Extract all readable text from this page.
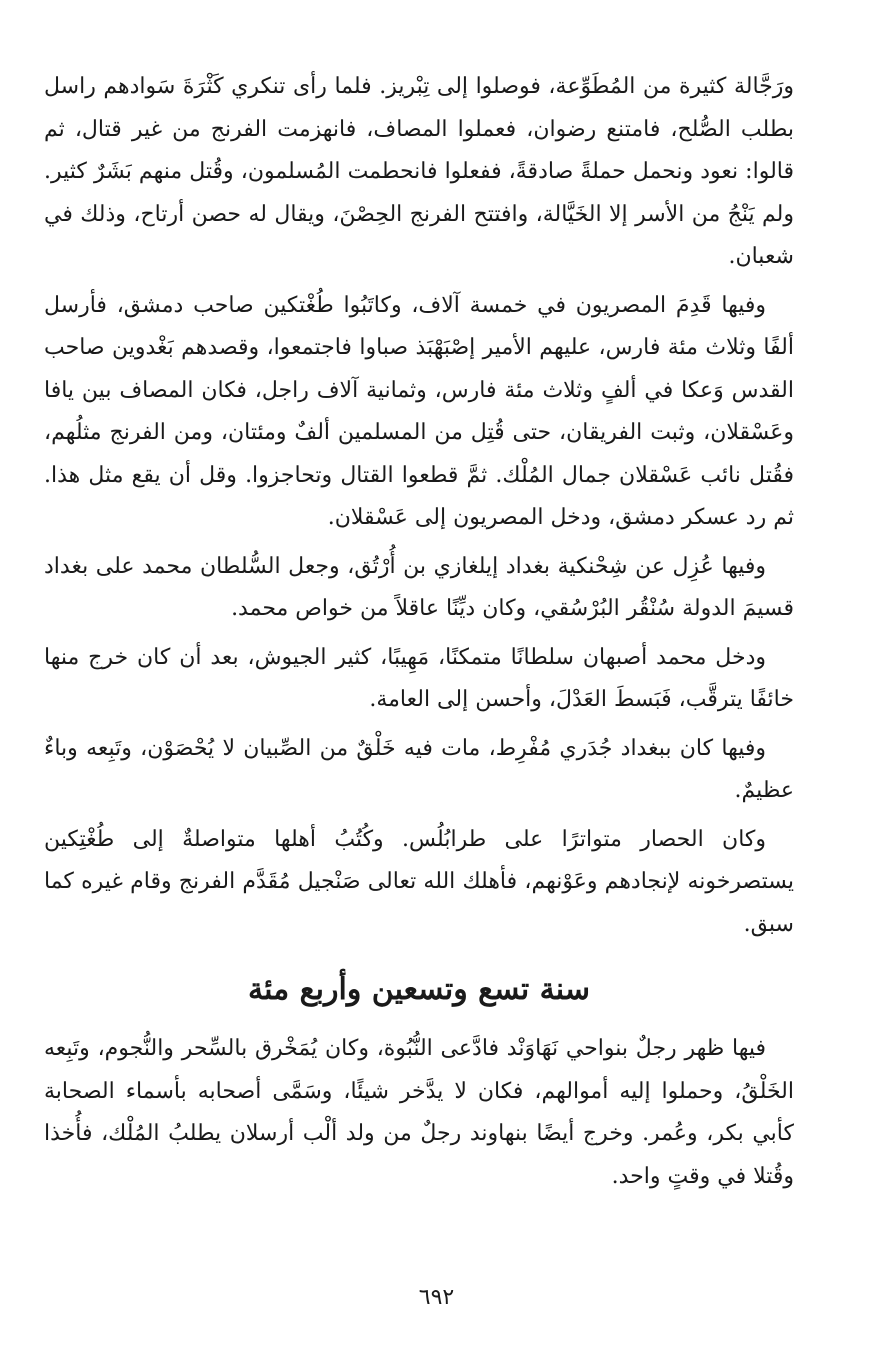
ورَجَّالة كثيرة من المُطَوِّعة، فوصلوا إلى تِبْريز. فلما رأى تنكري كَثْرَةَ سَوادهم راسل بطلب الصُّلح، فامتنع رضوان، فعملوا المصاف، فانهزمت الفرنج من غير قتال، ثم قالوا: نعود ونحمل حملةً صادقةً، ففعلوا فانحطمت المُسلمون، وقُتل منهم بَشَرٌ كثير. ولم يَنْجُ من الأسر إلا الخَيَّالة، وافتتح الفرنج الحِصْنَ، ويقال له حصن أرتاح، وذلك في شعبان.

وفيها قَدِمَ المصريون في خمسة آلاف، وكاتَبُوا طُغْتكين صاحب دمشق، فأرسل ألفًا وثلاث مئة فارس، عليهم الأمير إصْبَهْبَذ صباوا فاجتمعوا، وقصدهم بَغْدوين صاحب القدس وَعكا في ألفٍ وثلاث مئة فارس، وثمانية آلاف راجل، فكان المصاف بين يافا وعَسْقلان، وثبت الفريقان، حتى قُتِل من المسلمين ألفٌ ومئتان، ومن الفرنج مثلُهم، فقُتل نائب عَسْقلان جمال المُلْك. ثمَّ قطعوا القتال وتحاجزوا. وقل أن يقع مثل هذا. ثم رد عسكر دمشق، ودخل المصريون إلى عَسْقلان.

وفيها عُزِل عن شِحْنكية بغداد إيلغازي بن أُرْتُق، وجعل السُّلطان محمد على بغداد قسيمَ الدولة سُنْقُر البُرْسُقي، وكان ديِّنًا عاقلاً من خواص محمد.

ودخل محمد أصبهان سلطانًا متمكنًا، مَهِيبًا، كثير الجيوش، بعد أن كان خرج منها خائفًا يترقَّب، فَبَسطَ العَدْلَ، وأحسن إلى العامة.

وفيها كان ببغداد جُدَري مُفْرِط، مات فيه خَلْقٌ من الصِّبيان لا يُحْصَوْن، وتَبِعه وباءٌ عظيمٌ.

وكان الحصار متواترًا على طرابُلُس. وكُتُبُ أهلها متواصلةٌ إلى طُغْتِكين يستصرخونه لإنجادهم وعَوْنهم، فأهلك الله تعالى صَنْجيل مُقَدَّم الفرنج وقام غيره كما سبق.

سنة تسع وتسعين وأربع مئة

فيها ظهر رجلٌ بنواحي نَهَاوَنْد فادَّعى النُّبُوة، وكان يُمَخْرق بالسِّحر والنُّجوم، وتَبِعه الخَلْقُ، وحملوا إليه أموالهم، فكان لا يدَّخر شيئًا، وسَمَّى أصحابه بأسماء الصحابة كأبي بكر، وعُمر. وخرج أيضًا بنهاوند رجلٌ من ولد ألْب أرسلان يطلبُ المُلْك، فأُخذا وقُتلا في وقتٍ واحد.

٦٩٢
